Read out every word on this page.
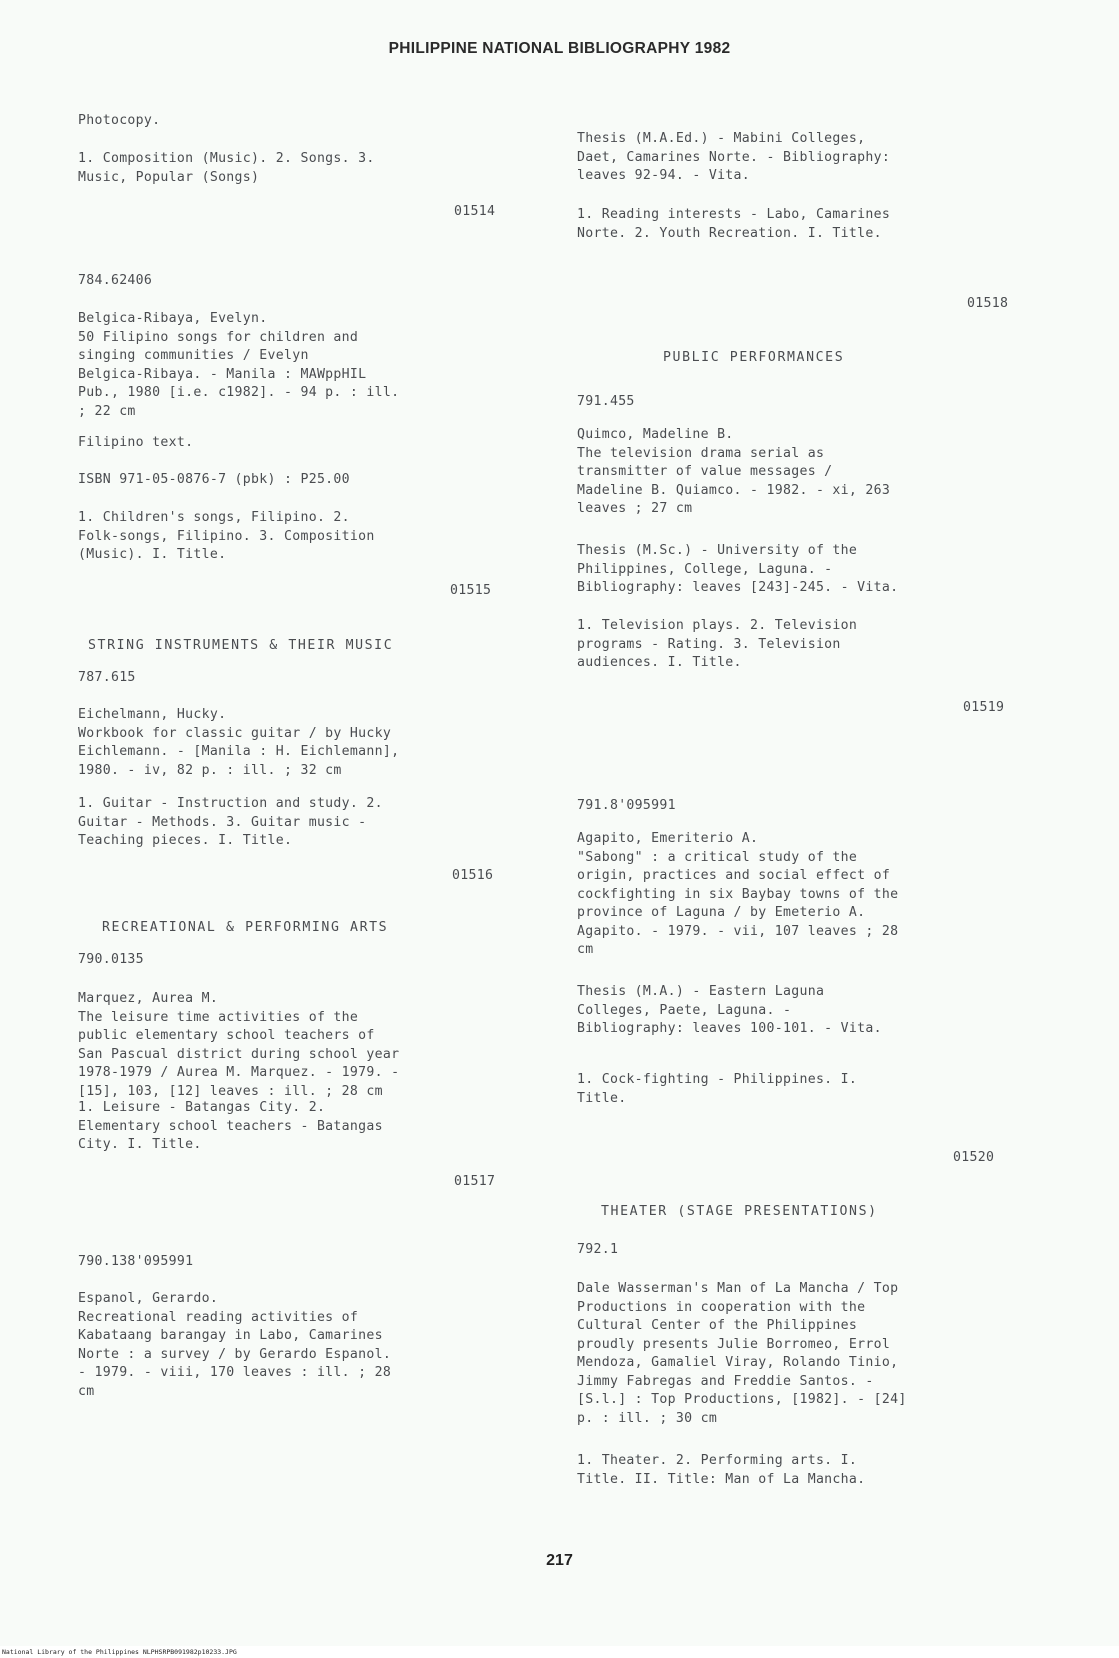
PHILIPPINE NATIONAL BIBLIOGRAPHY 1982
Photocopy.
1. Composition (Music). 2. Songs. 3.
Music, Popular (Songs)
01514
784.62406
Belgica-Ribaya, Evelyn.
50 Filipino songs for children and
singing communities / Evelyn
Belgica-Ribaya. - Manila : MAWppHIL
Pub., 1980 [i.e. c1982]. - 94 p. : ill.
; 22 cm
Filipino text.
ISBN 971-05-0876-7 (pbk) : P25.00
1. Children's songs, Filipino. 2.
Folk-songs, Filipino. 3. Composition
(Music). I. Title.
01515
STRING INSTRUMENTS & THEIR MUSIC
787.615
Eichelmann, Hucky.
Workbook for classic guitar / by Hucky
Eichlemann. - [Manila : H. Eichlemann],
1980. - iv, 82 p. : ill. ; 32 cm
1. Guitar - Instruction and study. 2.
Guitar - Methods. 3. Guitar music -
Teaching pieces. I. Title.
01516
RECREATIONAL & PERFORMING ARTS
790.0135
Marquez, Aurea M.
The leisure time activities of the
public elementary school teachers of
San Pascual district during school year
1978-1979 / Aurea M. Marquez. - 1979. -
[15], 103, [12] leaves : ill. ; 28 cm
1. Leisure - Batangas City. 2.
Elementary school teachers - Batangas
City. I. Title.
01517
790.138'095991
Espanol, Gerardo.
Recreational reading activities of
Kabataang barangay in Labo, Camarines
Norte : a survey / by Gerardo Espanol.
- 1979. - viii, 170 leaves : ill. ; 28
cm
Thesis (M.A.Ed.) - Mabini Colleges,
Daet, Camarines Norte. - Bibliography:
leaves 92-94. - Vita.
1. Reading interests - Labo, Camarines
Norte. 2. Youth Recreation. I. Title.
01518
PUBLIC PERFORMANCES
791.455
Quimco, Madeline B.
The television drama serial as
transmitter of value messages /
Madeline B. Quiamco. - 1982. - xi, 263
leaves ; 27 cm
Thesis (M.Sc.) - University of the
Philippines, College, Laguna. -
Bibliography: leaves [243]-245. - Vita.
1. Television plays. 2. Television
programs - Rating. 3. Television
audiences. I. Title.
01519
791.8'095991
Agapito, Emeriterio A.
"Sabong" : a critical study of the
origin, practices and social effect of
cockfighting in six Baybay towns of the
province of Laguna / by Emeterio A.
Agapito. - 1979. - vii, 107 leaves ; 28
cm
Thesis (M.A.) - Eastern Laguna
Colleges, Paete, Laguna. -
Bibliography: leaves 100-101. - Vita.
1. Cock-fighting - Philippines. I.
Title.
01520
THEATER (STAGE PRESENTATIONS)
792.1
Dale Wasserman's Man of La Mancha / Top
Productions in cooperation with the
Cultural Center of the Philippines
proudly presents Julie Borromeo, Errol
Mendoza, Gamaliel Viray, Rolando Tinio,
Jimmy Fabregas and Freddie Santos. -
[S.l.] : Top Productions, [1982]. - [24]
p. : ill. ; 30 cm
1. Theater. 2. Performing arts. I.
Title. II. Title: Man of La Mancha.
217
National Library of the Philippines NLPHSRPB091982p10233.JPG
